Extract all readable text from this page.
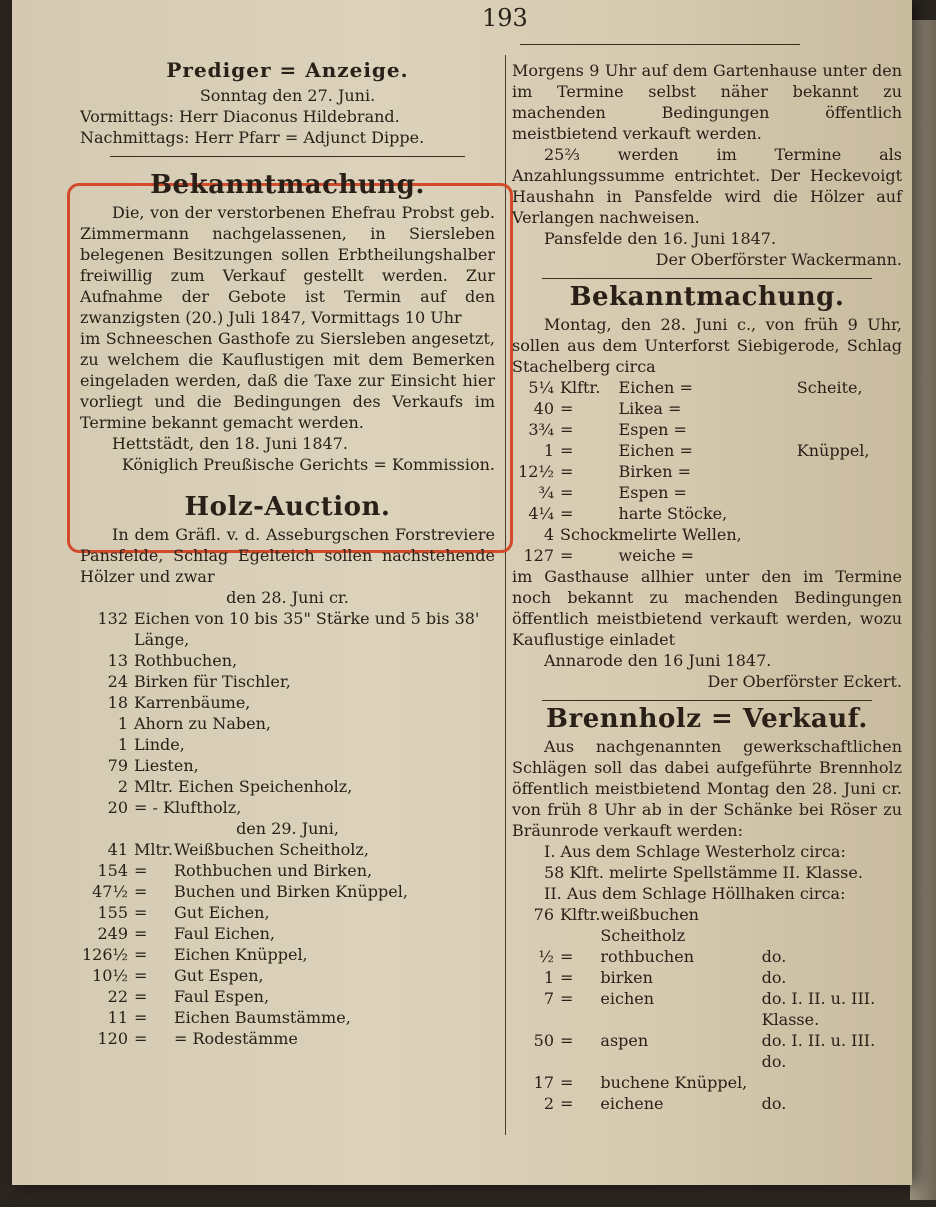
193
Prediger = Anzeige.

Sonntag den 27. Juni.

Vormittags: Herr Diaconus Hildebrand.

Nachmittags: Herr Pfarr = Adjunct Dippe.

Bekanntmachung.

Die, von der verstorbenen Ehefrau Probst geb. Zimmermann nachgelassenen, in Siersleben belegenen Besitzungen sollen Erbtheilungshalber freiwillig zum Verkauf gestellt werden. Zur Aufnahme der Gebote ist Termin auf den zwanzigsten (20.) Juli 1847, Vormittags 10 Uhr

im Schneeschen Gasthofe zu Siersleben angesetzt, zu welchem die Kauflustigen mit dem Bemerken eingeladen werden, daß die Taxe zur Einsicht hier vorliegt und die Bedingungen des Verkaufs im Termine bekannt gemacht werden.

Hettstädt, den 18. Juni 1847.

Königlich Preußische Gerichts = Kommission.

Holz-Auction.

In dem Gräfl. v. d. Asseburgschen Forstreviere Pansfelde, Schlag Egelteich sollen nachstehende Hölzer und zwar

den 28. Juni cr.

132	Eichen von 10 bis 35" Stärke und 5 bis 38' Länge,
13	Rothbuchen,
24	Birken für Tischler,
18	Karrenbäume,
1	Ahorn zu Naben,
1	Linde,
79	Liesten,
2	Mltr. Eichen Speichenholz,
20	= - Kluftholz,

den 29. Juni,

41	Mltr.	Weißbuchen Scheitholz,
154	=	Rothbuchen und Birken,
47½	=	Buchen und Birken Knüppel,
155	=	Gut Eichen,
249	=	Faul Eichen,
126½	=	Eichen Knüppel,
10½	=	Gut Espen,
22	=	Faul Espen,
11	=	Eichen Baumstämme,
120	=	= Rodestämme

Morgens 9 Uhr auf dem Gartenhause unter den im Termine selbst näher bekannt zu machenden Bedingungen öffentlich meistbietend verkauft werden.

25⅔ werden im Termine als Anzahlungssumme entrichtet. Der Heckevoigt Haushahn in Pansfelde wird die Hölzer auf Verlangen nachweisen.

Pansfelde den 16. Juni 1847.

Der Oberförster Wackermann.

Bekanntmachung.

Montag, den 28. Juni c., von früh 9 Uhr, sollen aus dem Unterforst Siebigerode, Schlag Stachelberg circa

5¼	Klftr.	Eichen =	Scheite,
40	=	Likea =	
3¾	=	Espen =	
1	=	Eichen =	Knüppel,
12½	=	Birken =	
¾	=	Espen =	
4¼	=	harte Stöcke,	
4	Schock	melirte Wellen,	
127	=	weiche =	

im Gasthause allhier unter den im Termine noch bekannt zu machenden Bedingungen öffentlich meistbietend verkauft werden, wozu Kauflustige einladet

Annarode den 16 Juni 1847.

Der Oberförster Eckert.

Brennholz = Verkauf.

Aus nachgenannten gewerkschaftlichen Schlägen soll das dabei aufgeführte Brennholz öffentlich meistbietend Montag den 28. Juni cr. von früh 8 Uhr ab in der Schänke bei Röser zu Bräunrode verkauft werden:

I. Aus dem Schlage Westerholz circa:

58 Klft. melirte Spellstämme II. Klasse.

II. Aus dem Schlage Höllhaken circa:

76	Klftr.	weißbuchen Scheitholz	
½	=	rothbuchen	do.
1	=	birken	do.
7	=	eichen	do. I. II. u. III. Klasse.
50	=	aspen	do. I. II. u. III. do.
17	=	buchene Knüppel,	
2	=	eichene	do.
